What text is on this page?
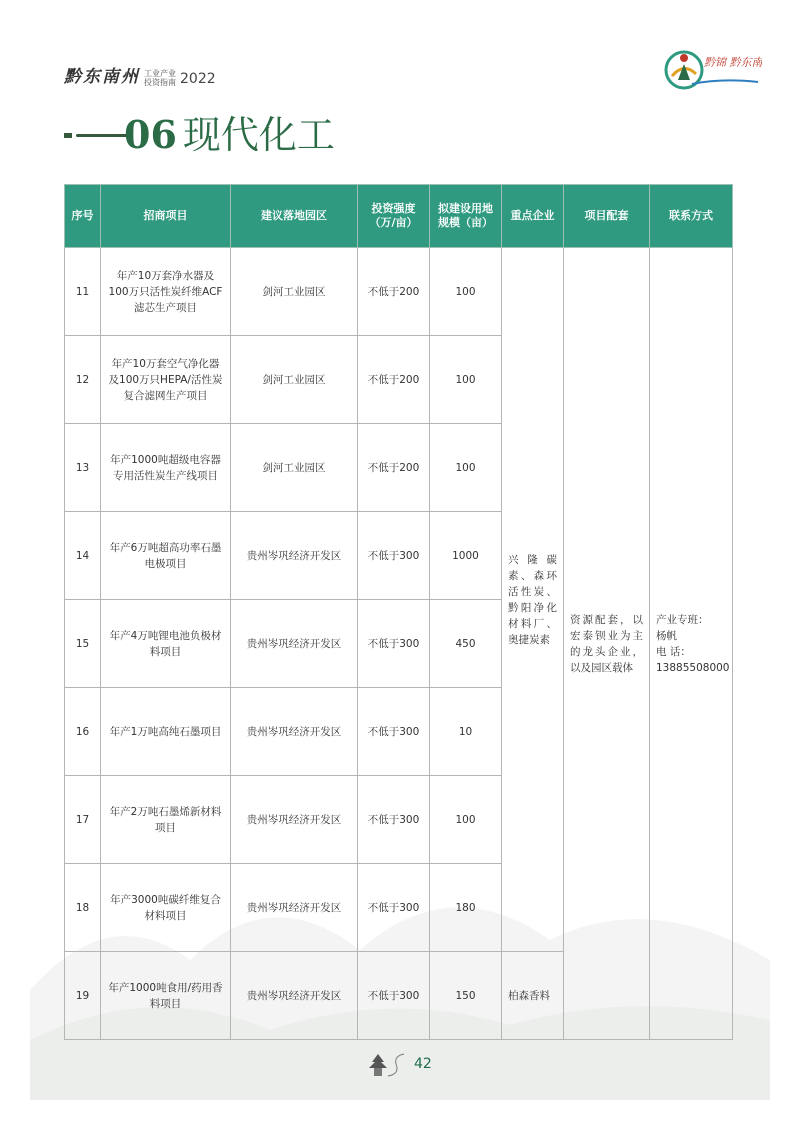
黔东南州 工业产业
投资指南 2022
黔锦 黔东南
06 现代化工
序号	招商项目	建议落地园区	投资强度（万/亩）	拟建设用地规模（亩）	重点企业	项目配套	联系方式
11	年产10万套净水器及100万只活性炭纤维ACF滤芯生产项目	剑河工业园区	不低于200	100	兴隆碳素、森环活性炭、黔阳净化材料厂、奥捷炭素	资源配套，以宏泰钡业为主的龙头企业，以及园区载体	产业专班：
杨帆
电 话：
13885508000

12	年产10万套空气净化器及100万只HEPA/活性炭复合滤网生产项目	剑河工业园区	不低于200	100			
13	年产1000吨超级电容器专用活性炭生产线项目	剑河工业园区	不低于200	100			
14	年产6万吨超高功率石墨电极项目	贵州岑巩经济开发区	不低于300	1000			
15	年产4万吨锂电池负极材料项目	贵州岑巩经济开发区	不低于300	450			
16	年产1万吨高纯石墨项目	贵州岑巩经济开发区	不低于300	10			
17	年产2万吨石墨烯新材料项目	贵州岑巩经济开发区	不低于300	100			
18	年产3000吨碳纤维复合材料项目	贵州岑巩经济开发区	不低于300	180			
19	年产1000吨食用/药用香料项目	贵州岑巩经济开发区	不低于300	150	柏森香料		
42
